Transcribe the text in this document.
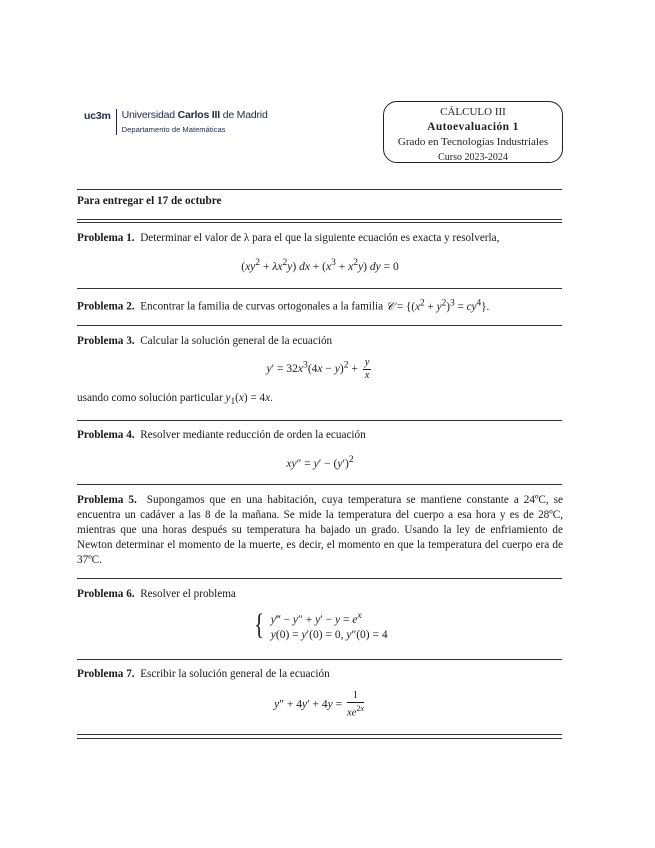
uc3m Universidad Carlos III de Madrid
Departamento de Matemáticas
CÁLCULO III
Autoevaluación 1
Grado en Tecnologías Industriales
Curso 2023-2024
Para entregar el 17 de octubre
Problema 1. Determinar el valor de λ para el que la siguiente ecuación es exacta y resolverla,
$(xy^2 + \lambda x^2y)$ dx + $(x^3 + x^2y)$ dy = 0
Problema 2. Encontrar la familia de curvas ortogonales a la familia 𝒞 = $\{(x^2 + y^2)^3 = cy^4\}$.
Problema 3. Calcular la solución general de la ecuación
$y' = 32x^3(4x - y)^2 + \frac{y}{x}$
usando como solución particular $y_1(x) = 4x$.
Problema 4. Resolver mediante reducción de orden la ecuación
$xy'' = y' - (y')^2$
Problema 5. Supongamos que en una habitación, cuya temperatura se mantiene constante a 24ºC, se encuentra un cadáver a las 8 de la mañana. Se mide la temperatura del cuerpo a esa hora y es de 28ºC, mientras que una horas después su temperatura ha bajado un grado. Usando la ley de enfriamiento de Newton determinar el momento de la muerte, es decir, el momento en que la temperatura del cuerpo era de 37ºC.
Problema 6. Resolver el problema
{ y‴ − $y'' + y' - y = e^x$
y(0) = y′(0) = 0, y″(0) = 4
Problema 7. Escribir la solución general de la ecuación
$y'' + 4y' + 4y = \frac{1}{xe^{2x}}$
